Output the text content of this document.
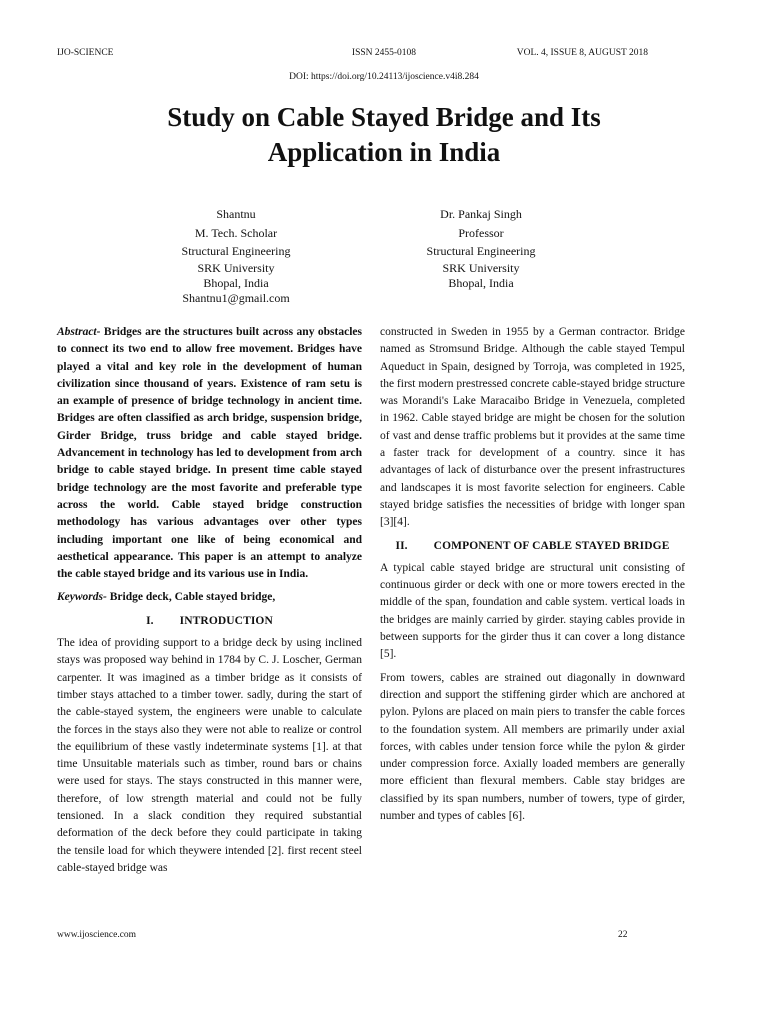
IJO-SCIENCE	ISSN 2455-0108	VOL. 4, ISSUE 8, AUGUST 2018
DOI: https://doi.org/10.24113/ijoscience.v4i8.284
Study on Cable Stayed Bridge and Its
Application in India
Shantnu
M. Tech. Scholar
Structural Engineering
SRK University
Bhopal, India
Shantnu1@gmail.com
Dr. Pankaj Singh
Professor
Structural Engineering
SRK University
Bhopal, India

Abstract- Bridges are the structures built across any obstacles to connect its two end to allow free movement. Bridges have played a vital and key role in the development of human civilization since thousand of years. Existence of ram setu is an example of presence of bridge technology in ancient time. Bridges are often classified as arch bridge, suspension bridge, Girder Bridge, truss bridge and cable stayed bridge. Advancement in technology has led to development from arch bridge to cable stayed bridge. In present time cable stayed bridge technology are the most favorite and preferable type across the world. Cable stayed bridge construction methodology has various advantages over other types including important one like of being economical and aesthetical appearance. This paper is an attempt to analyze the cable stayed bridge and its various use in India.

Keywords- Bridge deck, Cable stayed bridge,

I. INTRODUCTION

The idea of providing support to a bridge deck by using inclined stays was proposed way behind in 1784 by C. J. Loscher, German carpenter. It was imagined as a timber bridge as it consists of timber stays attached to a timber tower. sadly, during the start of the cable-stayed system, the engineers were unable to calculate the forces in the stays also they were not able to realize or control the equilibrium of these vastly indeterminate systems [1]. at that time Unsuitable materials such as timber, round bars or chains were used for stays. The stays constructed in this manner were, therefore, of low strength material and could not be fully tensioned. In a slack condition they required substantial deformation of the deck before they could participate in taking the tensile load for which theywere intended [2]. first recent steel cable-stayed bridge was

constructed in Sweden in 1955 by a German contractor. Bridge named as Stromsund Bridge. Although the cable stayed Tempul Aqueduct in Spain, designed by Torroja, was completed in 1925, the first modern prestressed concrete cable-stayed bridge structure was Morandi's Lake Maracaibo Bridge in Venezuela, completed in 1962. Cable stayed bridge are might be chosen for the solution of vast and dense traffic problems but it provides at the same time a faster track for development of a country. since it has advantages of lack of disturbance over the present infrastructures and landscapes it is most favorite selection for engineers. Cable stayed bridge satisfies the necessities of bridge with longer span [3][4].

II. COMPONENT OF CABLE STAYED BRIDGE

A typical cable stayed bridge are structural unit consisting of continuous girder or deck with one or more towers erected in the middle of the span, foundation and cable system. vertical loads in the bridges are mainly carried by girder. staying cables provide in between supports for the girder thus it can cover a long distance [5].

From towers, cables are strained out diagonally in downward direction and support the stiffening girder which are anchored at pylon. Pylons are placed on main piers to transfer the cable forces to the foundation system. All members are primarily under axial forces, with cables under tension force while the pylon & girder under compression force. Axially loaded members are generally more efficient than flexural members. Cable stay bridges are classified by its span numbers, number of towers, type of girder, number and types of cables [6].

www.ijoscience.com	22
